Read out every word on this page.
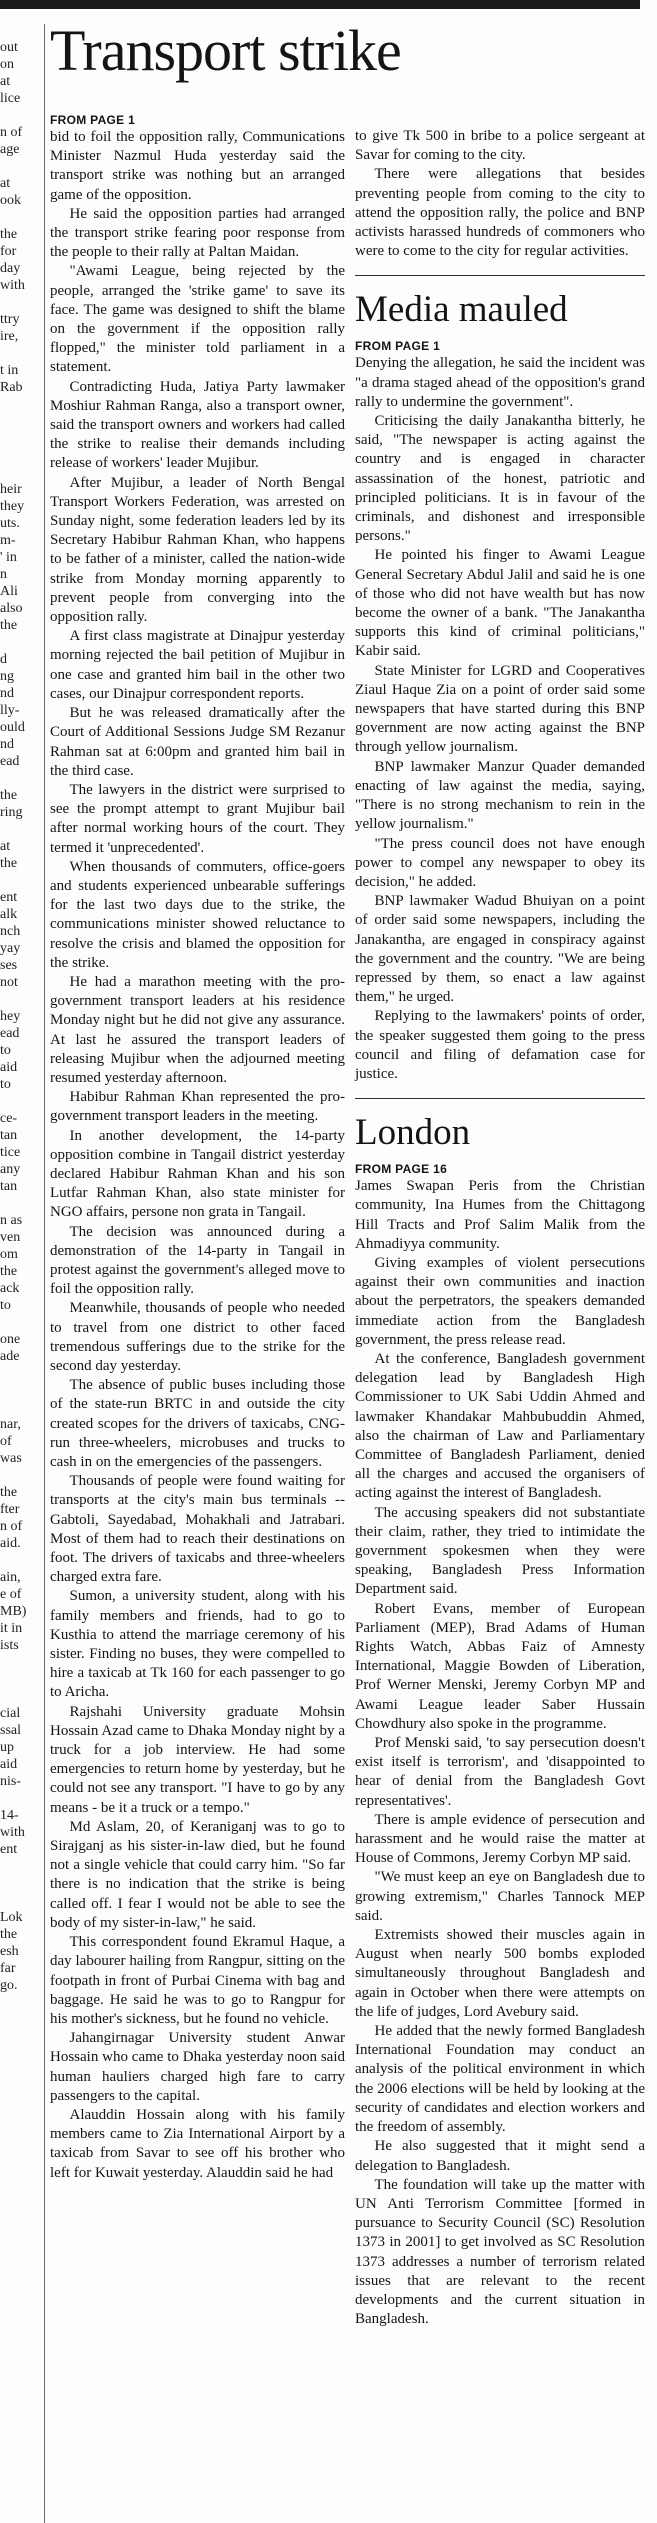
out
on
at
lice
n of
age
at
ook
the
for
day
with
ttry
ire,
t in
Rab
heir
they
uts.
m-
' in
n
Ali
also
the
d
ng
nd
lly-
ould
nd
ead
the
ring
at
the
ent
alk
nch
yay
ses
not
hey
ead
to
aid
to
ce-
tan
tice
any
tan
n as
ven
om
the
ack
to
one
ade
nar,
of
was
the
fter
n of
aid.
ain,
e of
MB)
it in
ists
cial
ssal
up
aid
nis-
14-
with
ent
Lok
the
esh
far
go.
Transport strike
FROM PAGE 1

bid to foil the opposition rally, Communications Minister Nazmul Huda yesterday said the transport strike was nothing but an arranged game of the opposition.

He said the opposition parties had arranged the transport strike fearing poor response from the people to their rally at Paltan Maidan.

"Awami League, being rejected by the people, arranged the 'strike game' to save its face. The game was designed to shift the blame on the government if the opposition rally flopped," the minister told parliament in a statement.

Contradicting Huda, Jatiya Party lawmaker Moshiur Rahman Ranga, also a transport owner, said the transport owners and workers had called the strike to realise their demands including release of workers' leader Mujibur.

After Mujibur, a leader of North Bengal Transport Workers Federation, was arrested on Sunday night, some federation leaders led by its Secretary Habibur Rahman Khan, who happens to be father of a minister, called the nation-wide strike from Monday morning apparently to prevent people from converging into the opposition rally.

A first class magistrate at Dinajpur yesterday morning rejected the bail petition of Mujibur in one case and granted him bail in the other two cases, our Dinajpur correspondent reports.

But he was released dramatically after the Court of Additional Sessions Judge SM Rezanur Rahman sat at 6:00pm and granted him bail in the third case.

The lawyers in the district were surprised to see the prompt attempt to grant Mujibur bail after normal working hours of the court. They termed it 'unprecedented'.

When thousands of commuters, office-goers and students experienced unbearable sufferings for the last two days due to the strike, the communications minister showed reluctance to resolve the crisis and blamed the opposition for the strike.

He had a marathon meeting with the pro-government transport leaders at his residence Monday night but he did not give any assurance. At last he assured the transport leaders of releasing Mujibur when the adjourned meeting resumed yesterday afternoon.

Habibur Rahman Khan represented the pro-government transport leaders in the meeting.

In another development, the 14-party opposition combine in Tangail district yesterday declared Habibur Rahman Khan and his son Lutfar Rahman Khan, also state minister for NGO affairs, persone non grata in Tangail.

The decision was announced during a demonstration of the 14-party in Tangail in protest against the government's alleged move to foil the opposition rally.

Meanwhile, thousands of people who needed to travel from one district to other faced tremendous sufferings due to the strike for the second day yesterday.

The absence of public buses including those of the state-run BRTC in and outside the city created scopes for the drivers of taxicabs, CNG-run three-wheelers, microbuses and trucks to cash in on the emergencies of the passengers.

Thousands of people were found waiting for transports at the city's main bus terminals -- Gabtoli, Sayedabad, Mohakhali and Jatrabari. Most of them had to reach their destinations on foot. The drivers of taxicabs and three-wheelers charged extra fare.

Sumon, a university student, along with his family members and friends, had to go to Kusthia to attend the marriage ceremony of his sister. Finding no buses, they were compelled to hire a taxicab at Tk 160 for each passenger to go to Aricha.

Rajshahi University graduate Mohsin Hossain Azad came to Dhaka Monday night by a truck for a job interview. He had some emergencies to return home by yesterday, but he could not see any transport. "I have to go by any means - be it a truck or a tempo."

Md Aslam, 20, of Keraniganj was to go to Sirajganj as his sister-in-law died, but he found not a single vehicle that could carry him. "So far there is no indication that the strike is being called off. I fear I would not be able to see the body of my sister-in-law," he said.

This correspondent found Ekramul Haque, a day labourer hailing from Rangpur, sitting on the footpath in front of Purbai Cinema with bag and baggage. He said he was to go to Rangpur for his mother's sickness, but he found no vehicle.

Jahangirnagar University student Anwar Hossain who came to Dhaka yesterday noon said human hauliers charged high fare to carry passengers to the capital.

Alauddin Hossain along with his family members came to Zia International Airport by a taxicab from Savar to see off his brother who left for Kuwait yesterday. Alauddin said he had

to give Tk 500 in bribe to a police sergeant at Savar for coming to the city.

There were allegations that besides preventing people from coming to the city to attend the opposition rally, the police and BNP activists harassed hundreds of commoners who were to come to the city for regular activities.

Media mauled
FROM PAGE 1

Denying the allegation, he said the incident was "a drama staged ahead of the opposition's grand rally to undermine the government".

Criticising the daily Janakantha bitterly, he said, "The newspaper is acting against the country and is engaged in character assassination of the honest, patriotic and principled politicians. It is in favour of the criminals, and dishonest and irresponsible persons."

He pointed his finger to Awami League General Secretary Abdul Jalil and said he is one of those who did not have wealth but has now become the owner of a bank. "The Janakantha supports this kind of criminal politicians," Kabir said.

State Minister for LGRD and Cooperatives Ziaul Haque Zia on a point of order said some newspapers that have started during this BNP government are now acting against the BNP through yellow journalism.

BNP lawmaker Manzur Quader demanded enacting of law against the media, saying, "There is no strong mechanism to rein in the yellow journalism."

"The press council does not have enough power to compel any newspaper to obey its decision," he added.

BNP lawmaker Wadud Bhuiyan on a point of order said some newspapers, including the Janakantha, are engaged in conspiracy against the government and the country. "We are being repressed by them, so enact a law against them," he urged.

Replying to the lawmakers' points of order, the speaker suggested them going to the press council and filing of defamation case for justice.

London
FROM PAGE 16

James Swapan Peris from the Christian community, Ina Humes from the Chittagong Hill Tracts and Prof Salim Malik from the Ahmadiyya community.

Giving examples of violent persecutions against their own communities and inaction about the perpetrators, the speakers demanded immediate action from the Bangladesh government, the press release read.

At the conference, Bangladesh government delegation lead by Bangladesh High Commissioner to UK Sabi Uddin Ahmed and lawmaker Khandakar Mahbubuddin Ahmed, also the chairman of Law and Parliamentary Committee of Bangladesh Parliament, denied all the charges and accused the organisers of acting against the interest of Bangladesh.

The accusing speakers did not substantiate their claim, rather, they tried to intimidate the government spokesmen when they were speaking, Bangladesh Press Information Department said.

Robert Evans, member of European Parliament (MEP), Brad Adams of Human Rights Watch, Abbas Faiz of Amnesty International, Maggie Bowden of Liberation, Prof Werner Menski, Jeremy Corbyn MP and Awami League leader Saber Hussain Chowdhury also spoke in the programme.

Prof Menski said, 'to say persecution doesn't exist itself is terrorism', and 'disappointed to hear of denial from the Bangladesh Govt representatives'.

There is ample evidence of persecution and harassment and he would raise the matter at House of Commons, Jeremy Corbyn MP said.

"We must keep an eye on Bangladesh due to growing extremism," Charles Tannock MEP said.

Extremists showed their muscles again in August when nearly 500 bombs exploded simultaneously throughout Bangladesh and again in October when there were attempts on the life of judges, Lord Avebury said.

He added that the newly formed Bangladesh International Foundation may conduct an analysis of the political environment in which the 2006 elections will be held by looking at the security of candidates and election workers and the freedom of assembly.

He also suggested that it might send a delegation to Bangladesh.

The foundation will take up the matter with UN Anti Terrorism Committee [formed in pursuance to Security Council (SC) Resolution 1373 in 2001] to get involved as SC Resolution 1373 addresses a number of terrorism related issues that are relevant to the recent developments and the current situation in Bangladesh.
